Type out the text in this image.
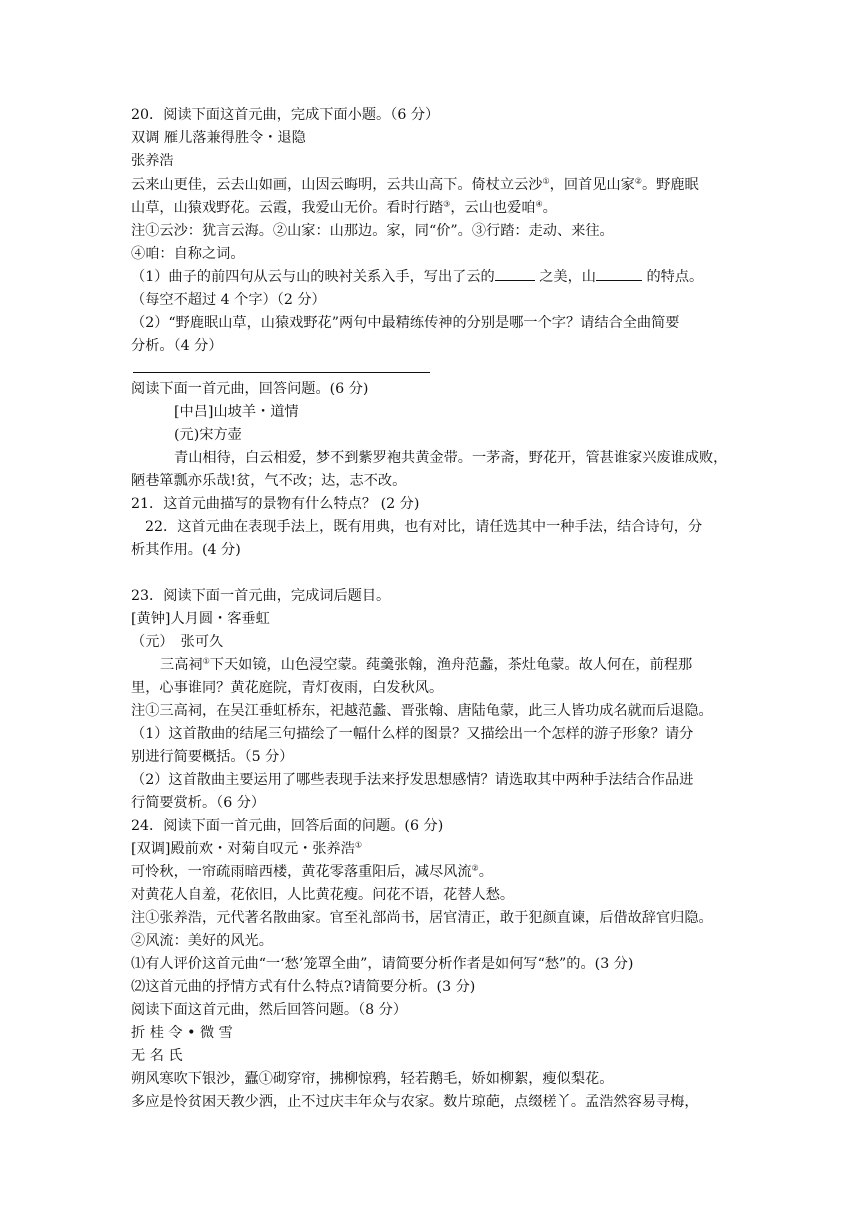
20．阅读下面这首元曲，完成下面小题。（6 分）
双调 雁儿落兼得胜令・退隐
张养浩
云来山更佳，云去山如画，山因云晦明，云共山高下。倚杖立云沙①，回首见山家②。野鹿眠
山草，山猿戏野花。云霞，我爱山无价。看时行踏③，云山也爱咱④。
注①云沙：犹言云海。②山家：山那边。家，同“价”。③行踏：走动、来往。
④咱：自称之词。
（1）曲子的前四句从云与山的映衬关系入手，写出了云的	之美，山	的特点。
（每空不超过 4 个字）（2 分）
（2）“野鹿眠山草，山猿戏野花”两句中最精练传神的分别是哪一个字？请结合全曲简要
分析。（4 分）
阅读下面一首元曲，回答问题。(6 分)
[中吕]山坡羊・道情
(元)宋方壶
青山相待，白云相爱，梦不到紫罗袍共黄金带。一茅斋，野花开，管甚谁家兴废谁成败，
陋巷箪瓢亦乐哉!贫，气不改；达，志不改。
21．这首元曲描写的景物有什么特点？ (2 分)
22．这首元曲在表现手法上，既有用典，也有对比，请任选其中一种手法，结合诗句，分
析其作用。(4 分)
23．阅读下面一首元曲，完成词后题目。
[黄钟]人月圆・客垂虹
（元）　张可久
三高祠①下天如镜，山色浸空蒙。莼羹张翰，渔舟范蠡，茶灶龟蒙。故人何在，前程那
里，心事谁同？黄花庭院，青灯夜雨，白发秋风。
注①三高祠，在吴江垂虹桥东，祀越范蠡、晋张翰、唐陆龟蒙，此三人皆功成名就而后退隐。
（1）这首散曲的结尾三句描绘了一幅什么样的图景？又描绘出一个怎样的游子形象？请分
别进行简要概括。（5 分）
（2）这首散曲主要运用了哪些表现手法来抒发思想感情？请选取其中两种手法结合作品进
行简要赏析。（6 分）
24．阅读下面一首元曲，回答后面的问题。(6 分)
[双调]殿前欢・对菊自叹元・张养浩①
可怜秋，一帘疏雨暗西楼，黄花零落重阳后，减尽风流②。
对黄花人自羞，花依旧，人比黄花瘦。问花不语，花替人愁。
注①张养浩，元代著名散曲家。官至礼部尚书，居官清正，敢于犯颜直谏，后借故辞官归隐。
②风流：美好的风光。
⑴有人评价这首元曲“一‘愁’笼罩全曲”，请简要分析作者是如何写“愁”的。(3 分)
⑵这首元曲的抒情方式有什么特点?请简要分析。(3 分)
阅读下面这首元曲，然后回答问题。（8 分）
折 桂 令 • 微 雪
无 名 氏
朔风寒吹下银沙，蠹①砌穿帘，拂柳惊鸦，轻若鹅毛，娇如柳絮，瘦似梨花。
多应是怜贫困天教少洒，止不过庆丰年众与农家。数片琼葩，点缀槎丫。孟浩然容易寻梅，
